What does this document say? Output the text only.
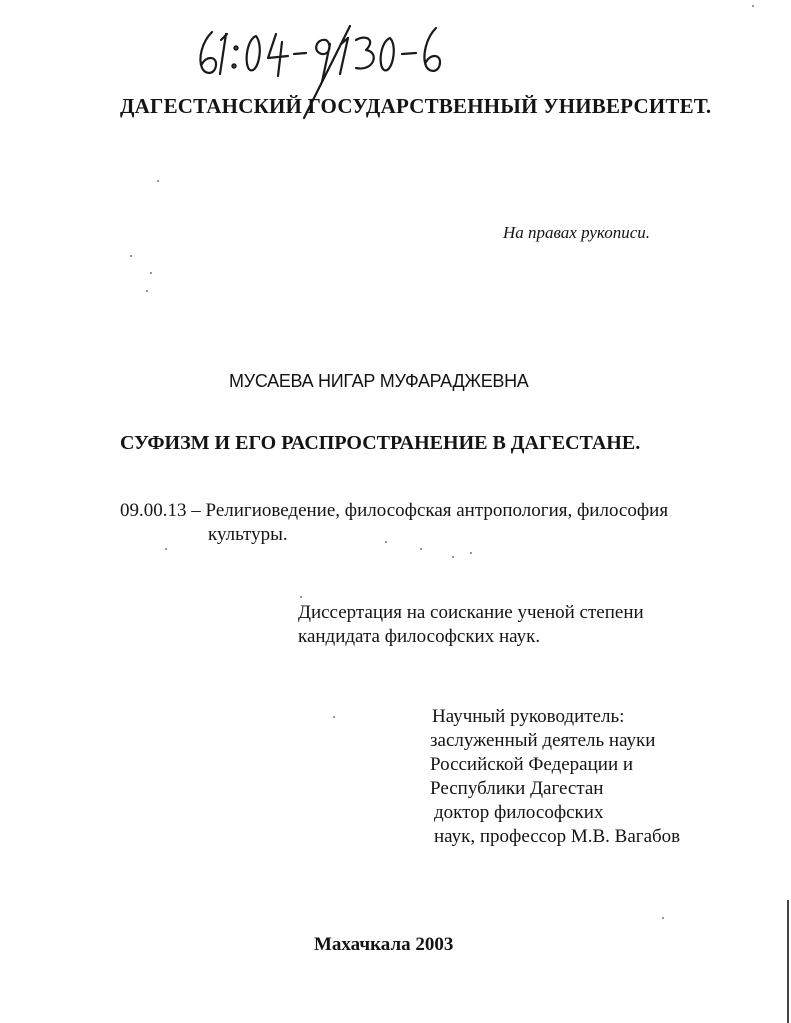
ДАГЕСТАНСКИЙ ГОСУДАРСТВЕННЫЙ УНИВЕРСИТЕТ.
На правах рукописи.
МУСАЕВА НИГАР МУФАРАДЖЕВНА
СУФИЗМ И ЕГО РАСПРОСТРАНЕНИЕ В ДАГЕСТАНЕ.
09.00.13 – Религиоведение, философская антропология, философия
культуры.
Диссертация на соискание ученой степени
кандидата философских наук.
Научный руководитель:
заслуженный деятель науки
Российской Федерации и
Республики Дагестан
доктор философских
наук, профессор М.В. Вагабов
Махачкала 2003
